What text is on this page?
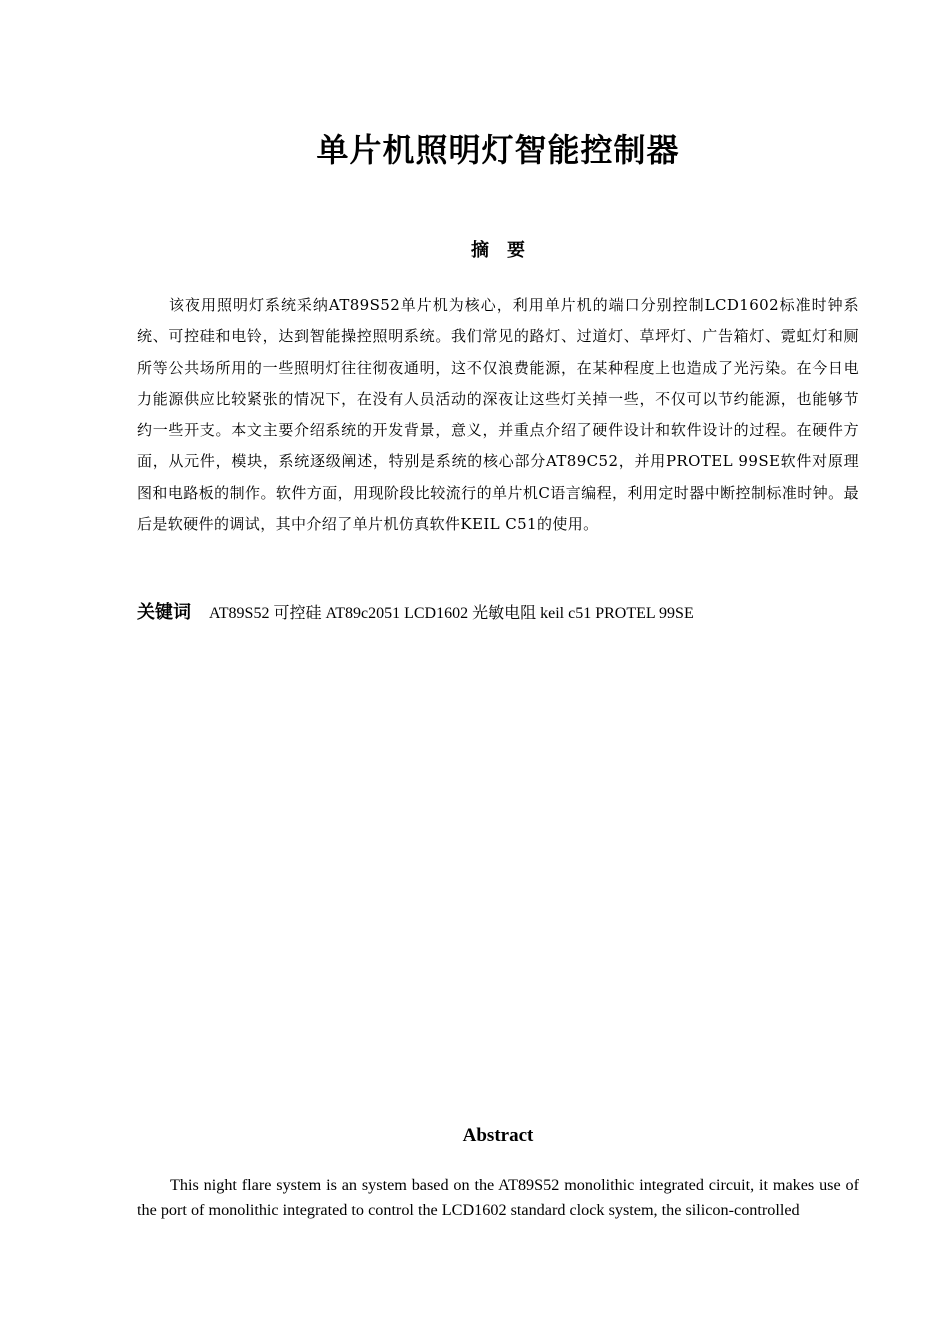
单片机照明灯智能控制器
摘　要

该夜用照明灯系统采纳AT89S52单片机为核心，利用单片机的端口分别控制LCD1602标准时钟系统、可控硅和电铃，达到智能操控照明系统。我们常见的路灯、过道灯、草坪灯、广告箱灯、霓虹灯和厕所等公共场所用的一些照明灯往往彻夜通明，这不仅浪费能源，在某种程度上也造成了光污染。在今日电力能源供应比较紧张的情况下，在没有人员活动的深夜让这些灯关掉一些，不仅可以节约能源，也能够节约一些开支。本文主要介绍系统的开发背景，意义，并重点介绍了硬件设计和软件设计的过程。在硬件方面，从元件，模块，系统逐级阐述，特别是系统的核心部分AT89C52，并用PROTEL 99SE软件对原理图和电路板的制作。软件方面，用现阶段比较流行的单片机C语言编程，利用定时器中断控制标准时钟。最后是软硬件的调试，其中介绍了单片机仿真软件KEIL C51的使用。

关键词 AT89S52 可控硅 AT89c2051 LCD1602 光敏电阻 keil c51 PROTEL 99SE
Abstract

This night flare system is an system based on the AT89S52 monolithic integrated circuit, it makes use of the port of monolithic integrated to control the LCD1602 standard clock system, the silicon-controlled
